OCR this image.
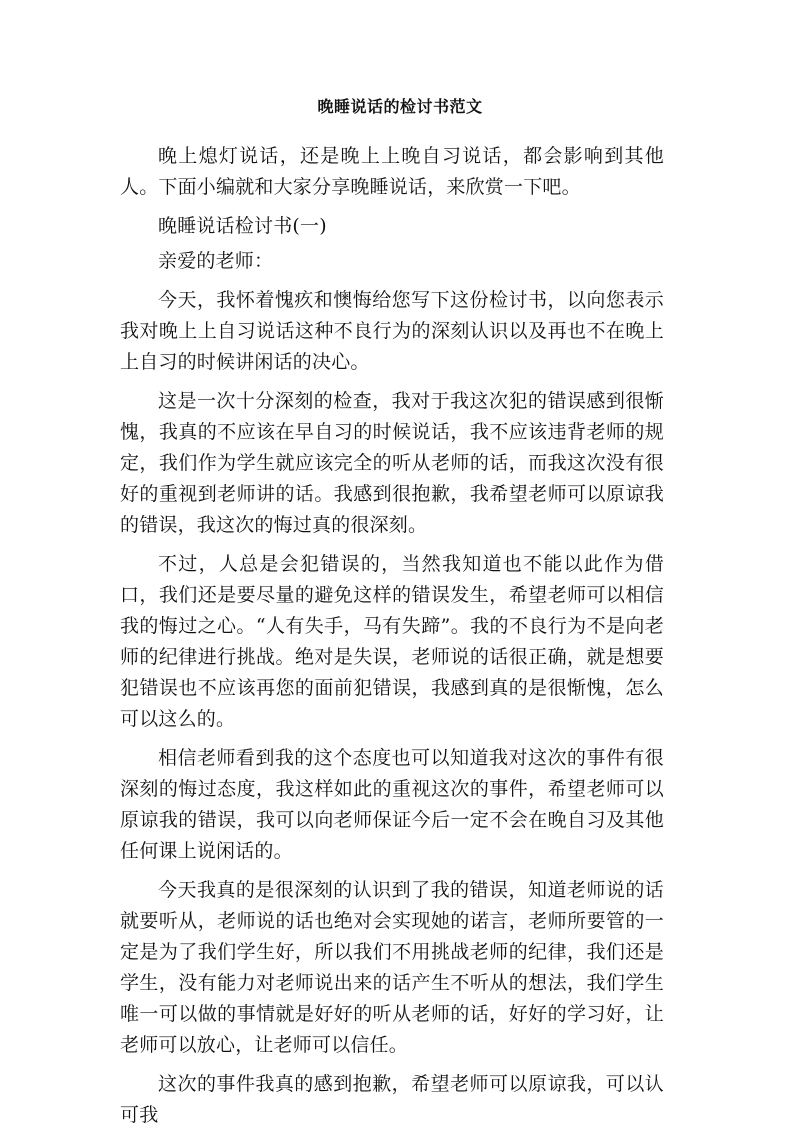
晚睡说话的检讨书范文

晚上熄灯说话，还是晚上上晚自习说话，都会影响到其他人。下面小编就和大家分享晚睡说话，来欣赏一下吧。

晚睡说话检讨书(一)

亲爱的老师：

今天，我怀着愧疚和懊悔给您写下这份检讨书，以向您表示我对晚上上自习说话这种不良行为的深刻认识以及再也不在晚上上自习的时候讲闲话的决心。

这是一次十分深刻的检查，我对于我这次犯的错误感到很惭愧，我真的不应该在早自习的时候说话，我不应该违背老师的规定，我们作为学生就应该完全的听从老师的话，而我这次没有很好的重视到老师讲的话。我感到很抱歉，我希望老师可以原谅我的错误，我这次的悔过真的很深刻。

不过，人总是会犯错误的，当然我知道也不能以此作为借口，我们还是要尽量的避免这样的错误发生，希望老师可以相信我的悔过之心。“人有失手，马有失蹄”。我的不良行为不是向老师的纪律进行挑战。绝对是失误，老师说的话很正确，就是想要犯错误也不应该再您的面前犯错误，我感到真的是很惭愧，怎么可以这么的。

相信老师看到我的这个态度也可以知道我对这次的事件有很深刻的悔过态度，我这样如此的重视这次的事件，希望老师可以原谅我的错误，我可以向老师保证今后一定不会在晚自习及其他任何课上说闲话的。

今天我真的是很深刻的认识到了我的错误，知道老师说的话就要听从，老师说的话也绝对会实现她的诺言，老师所要管的一定是为了我们学生好，所以我们不用挑战老师的纪律，我们还是学生，没有能力对老师说出来的话产生不听从的想法，我们学生唯一可以做的事情就是好好的听从老师的话，好好的学习好，让老师可以放心，让老师可以信任。

这次的事件我真的感到抱歉，希望老师可以原谅我，可以认可我
